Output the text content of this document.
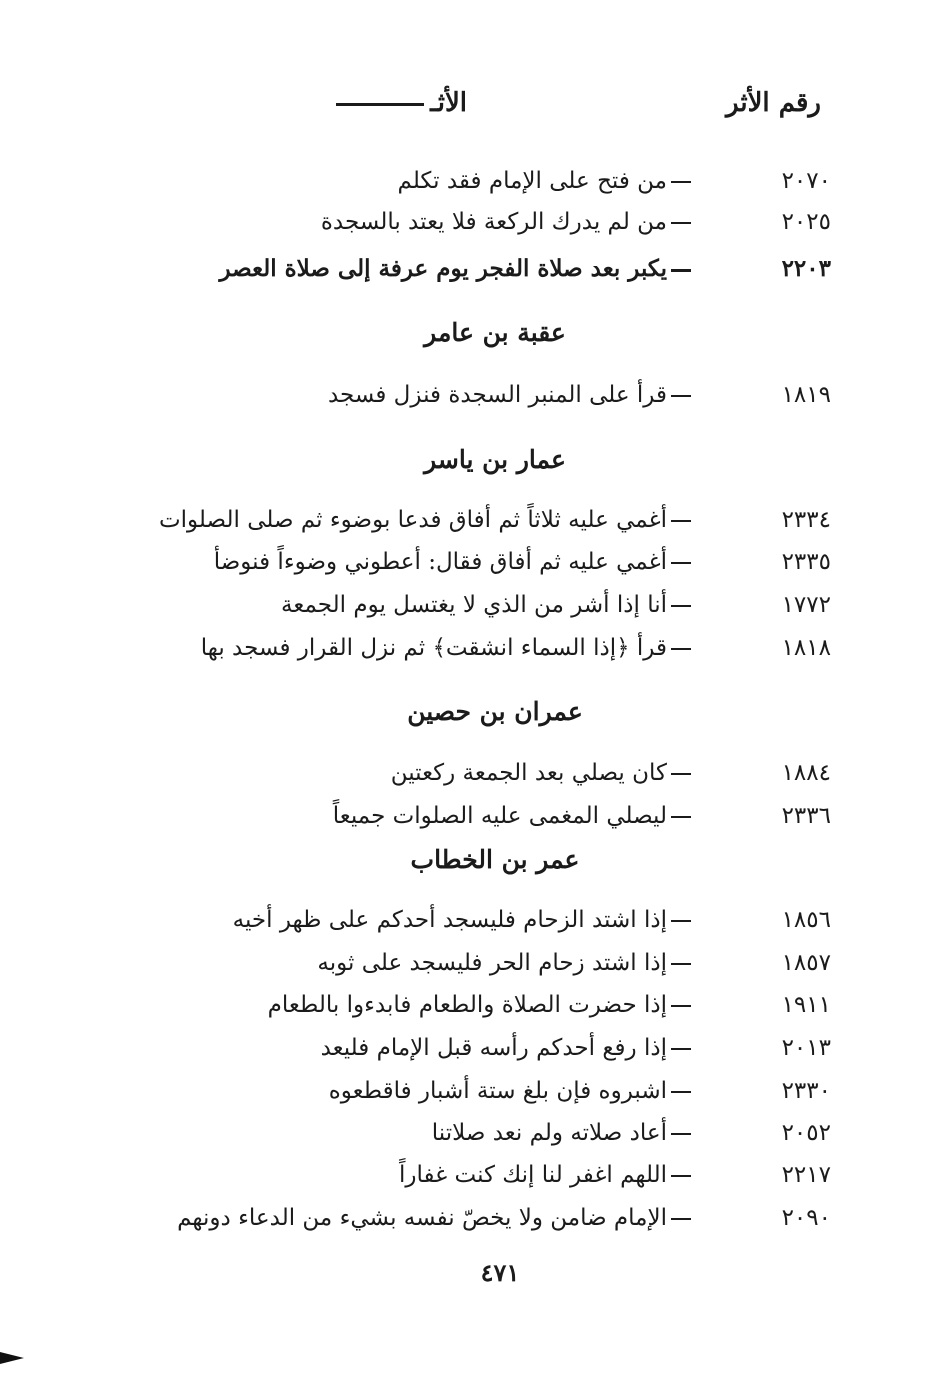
رقم الأثر
الأثـ
٢٠٧٠
من فتح على الإمام فقد تكلم
٢٠٢٥
من لم يدرك الركعة فلا يعتد بالسجدة
٢٢٠٣
يكبر بعد صلاة الفجر يوم عرفة إلى صلاة العصر
عقبة بن عامر
١٨١٩
قرأ على المنبر السجدة فنزل فسجد
عمار بن ياسر
٢٣٣٤
أغمي عليه ثلاثاً ثم أفاق فدعا بوضوء ثم صلى الصلوات
٢٣٣٥
أغمي عليه ثم أفاق فقال: أعطوني وضوءاً فنوضأ
١٧٧٢
أنا إذا أشر من الذي لا يغتسل يوم الجمعة
١٨١٨
قرأ ﴿إذا السماء انشقت﴾ ثم نزل القرار فسجد بها
عمران بن حصين
١٨٨٤
كان يصلي بعد الجمعة ركعتين
٢٣٣٦
ليصلي المغمى عليه الصلوات جميعاً
عمر بن الخطاب
١٨٥٦
إذا اشتد الزحام فليسجد أحدكم على ظهر أخيه
١٨٥٧
إذا اشتد زحام الحر فليسجد على ثوبه
١٩١١
إذا حضرت الصلاة والطعام فابدءوا بالطعام
٢٠١٣
إذا رفع أحدكم رأسه قبل الإمام فليعد
٢٣٣٠
اشبروه فإن بلغ ستة أشبار فاقطعوه
٢٠٥٢
أعاد صلاته ولم نعد صلاتنا
٢٢١٧
اللهم اغفر لنا إنك كنت غفاراً
٢٠٩٠
الإمام ضامن ولا يخصّ نفسه بشيء من الدعاء دونهم
٤٧١
